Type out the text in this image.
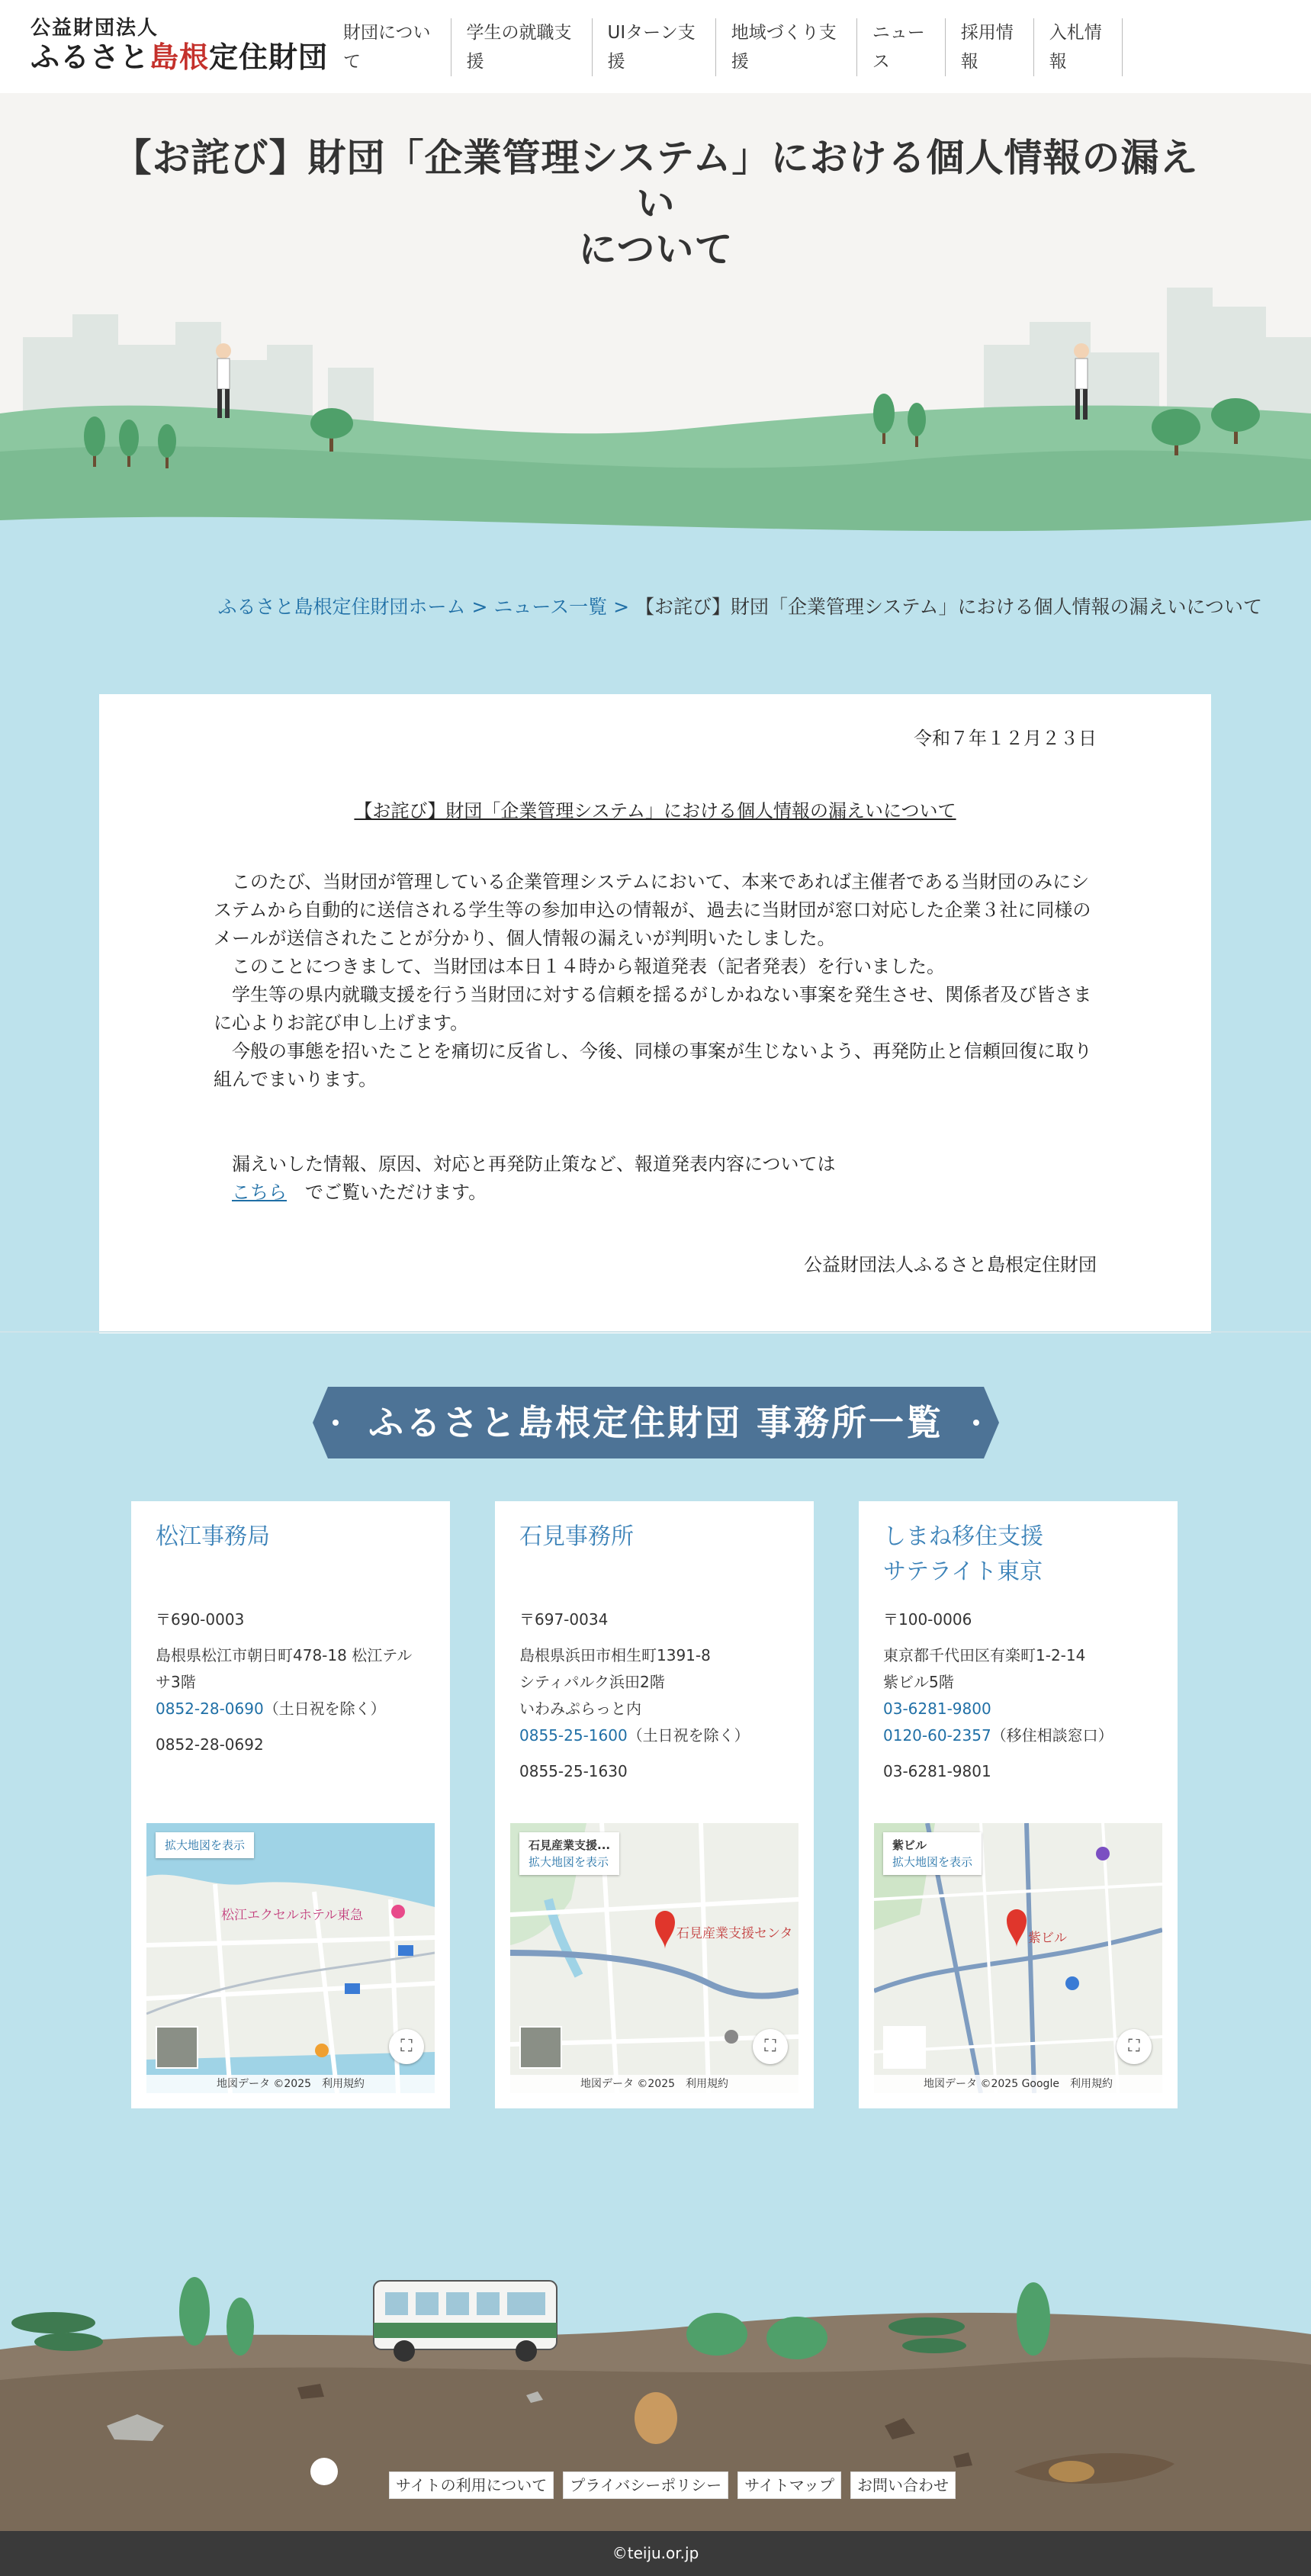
公益財団法人
ふるさと島根定住財団
財団につい
て
学生の就職支
援
UIターン支
援
地域づくり支
援
ニュー
ス
採用情
報
入札情
報
【お詫び】財団「企業管理システム」における個人情報の漏えい
について
ふるさと島根定住財団ホーム > ニュース一覧 > 【お詫び】財団「企業管理システム」における個人情報の漏えいについて
令和７年１２月２３日
【お詫び】財団「企業管理システム」における個人情報の漏えいについて
　このたび、当財団が管理している企業管理システムにおいて、本来であれば主催者である当財団のみにシステムから自動的に送信される学生等の参加申込の情報が、過去に当財団が窓口対応した企業３社に同様のメールが送信されたことが分かり、個人情報の漏えいが判明いたしました。
　このことにつきまして、当財団は本日１４時から報道発表（記者発表）を行いました。
　学生等の県内就職支援を行う当財団に対する信頼を揺るがしかねない事案を発生させ、関係者及び皆さまに心よりお詫び申し上げます。
　今般の事態を招いたことを痛切に反省し、今後、同様の事案が生じないよう、再発防止と信頼回復に取り組んでまいります。
　漏えいした情報、原因、対応と再発防止策など、報道発表内容については
こちら　でご覧いただけます。
公益財団法人ふるさと島根定住財団
ふるさと島根定住財団 事務所一覧
松江事務局
〒690-0003
島根県松江市朝日町478-18 松江テル
サ3階
0852-28-0690（土日祝を除く）
0852-28-0692
拡大地図を表示
松江エクセルホテル東急
⛶
地図データ ©2025　利用規約
石見事務所
〒697-0034
島根県浜田市相生町1391-8
シティパルク浜田2階
いわみぷらっと内
0855-25-1600（土日祝を除く）
0855-25-1630
石見産業支援...
拡大地図を表示
石見産業支援センタ
⛶
地図データ ©2025　利用規約
しまね移住支援
サテライト東京
〒100-0006
東京都千代田区有楽町1-2-14
紫ビル5階
03-6281-9800
0120-60-2357（移住相談窓口）
03-6281-9801
紫ビル
拡大地図を表示
紫ビル
⛶
地図データ ©2025 Google　利用規約
サイトの利用について	プライバシーポリシー	サイトマップ	お問い合わせ
©teiju.or.jp
